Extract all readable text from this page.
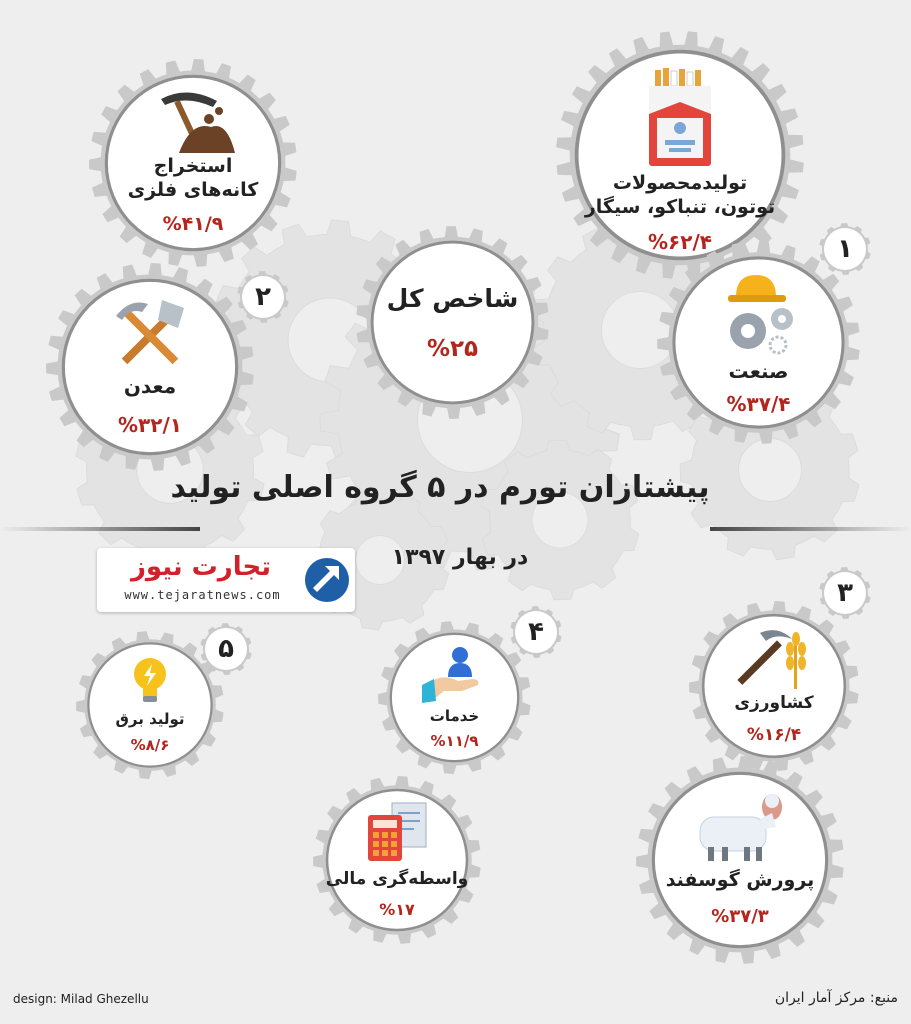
تولیدمحصولات
توتون، تنباکو، سیگار
%۶۲/۴
استخراج
کانه‌های فلزی
%۴۱/۹
معدن
%۳۲/۱
شاخص کل
%۲۵
صنعت
%۳۷/۴
کشاورزی
%۱۶/۴
خدمات
%۱۱/۹
تولید برق
%۸/۶
واسطه‌گری مالی
%۱۷
پرورش گوسفند
%۳۷/۳
۱
۲
۳
۴
۵
پیشتازان تورم در ۵ گروه اصلی تولید
در بهار ۱۳۹۷
تجارت نیوز
www.tejaratnews.com
design: Milad Ghezellu	منبع: مرکز آمار ایران
